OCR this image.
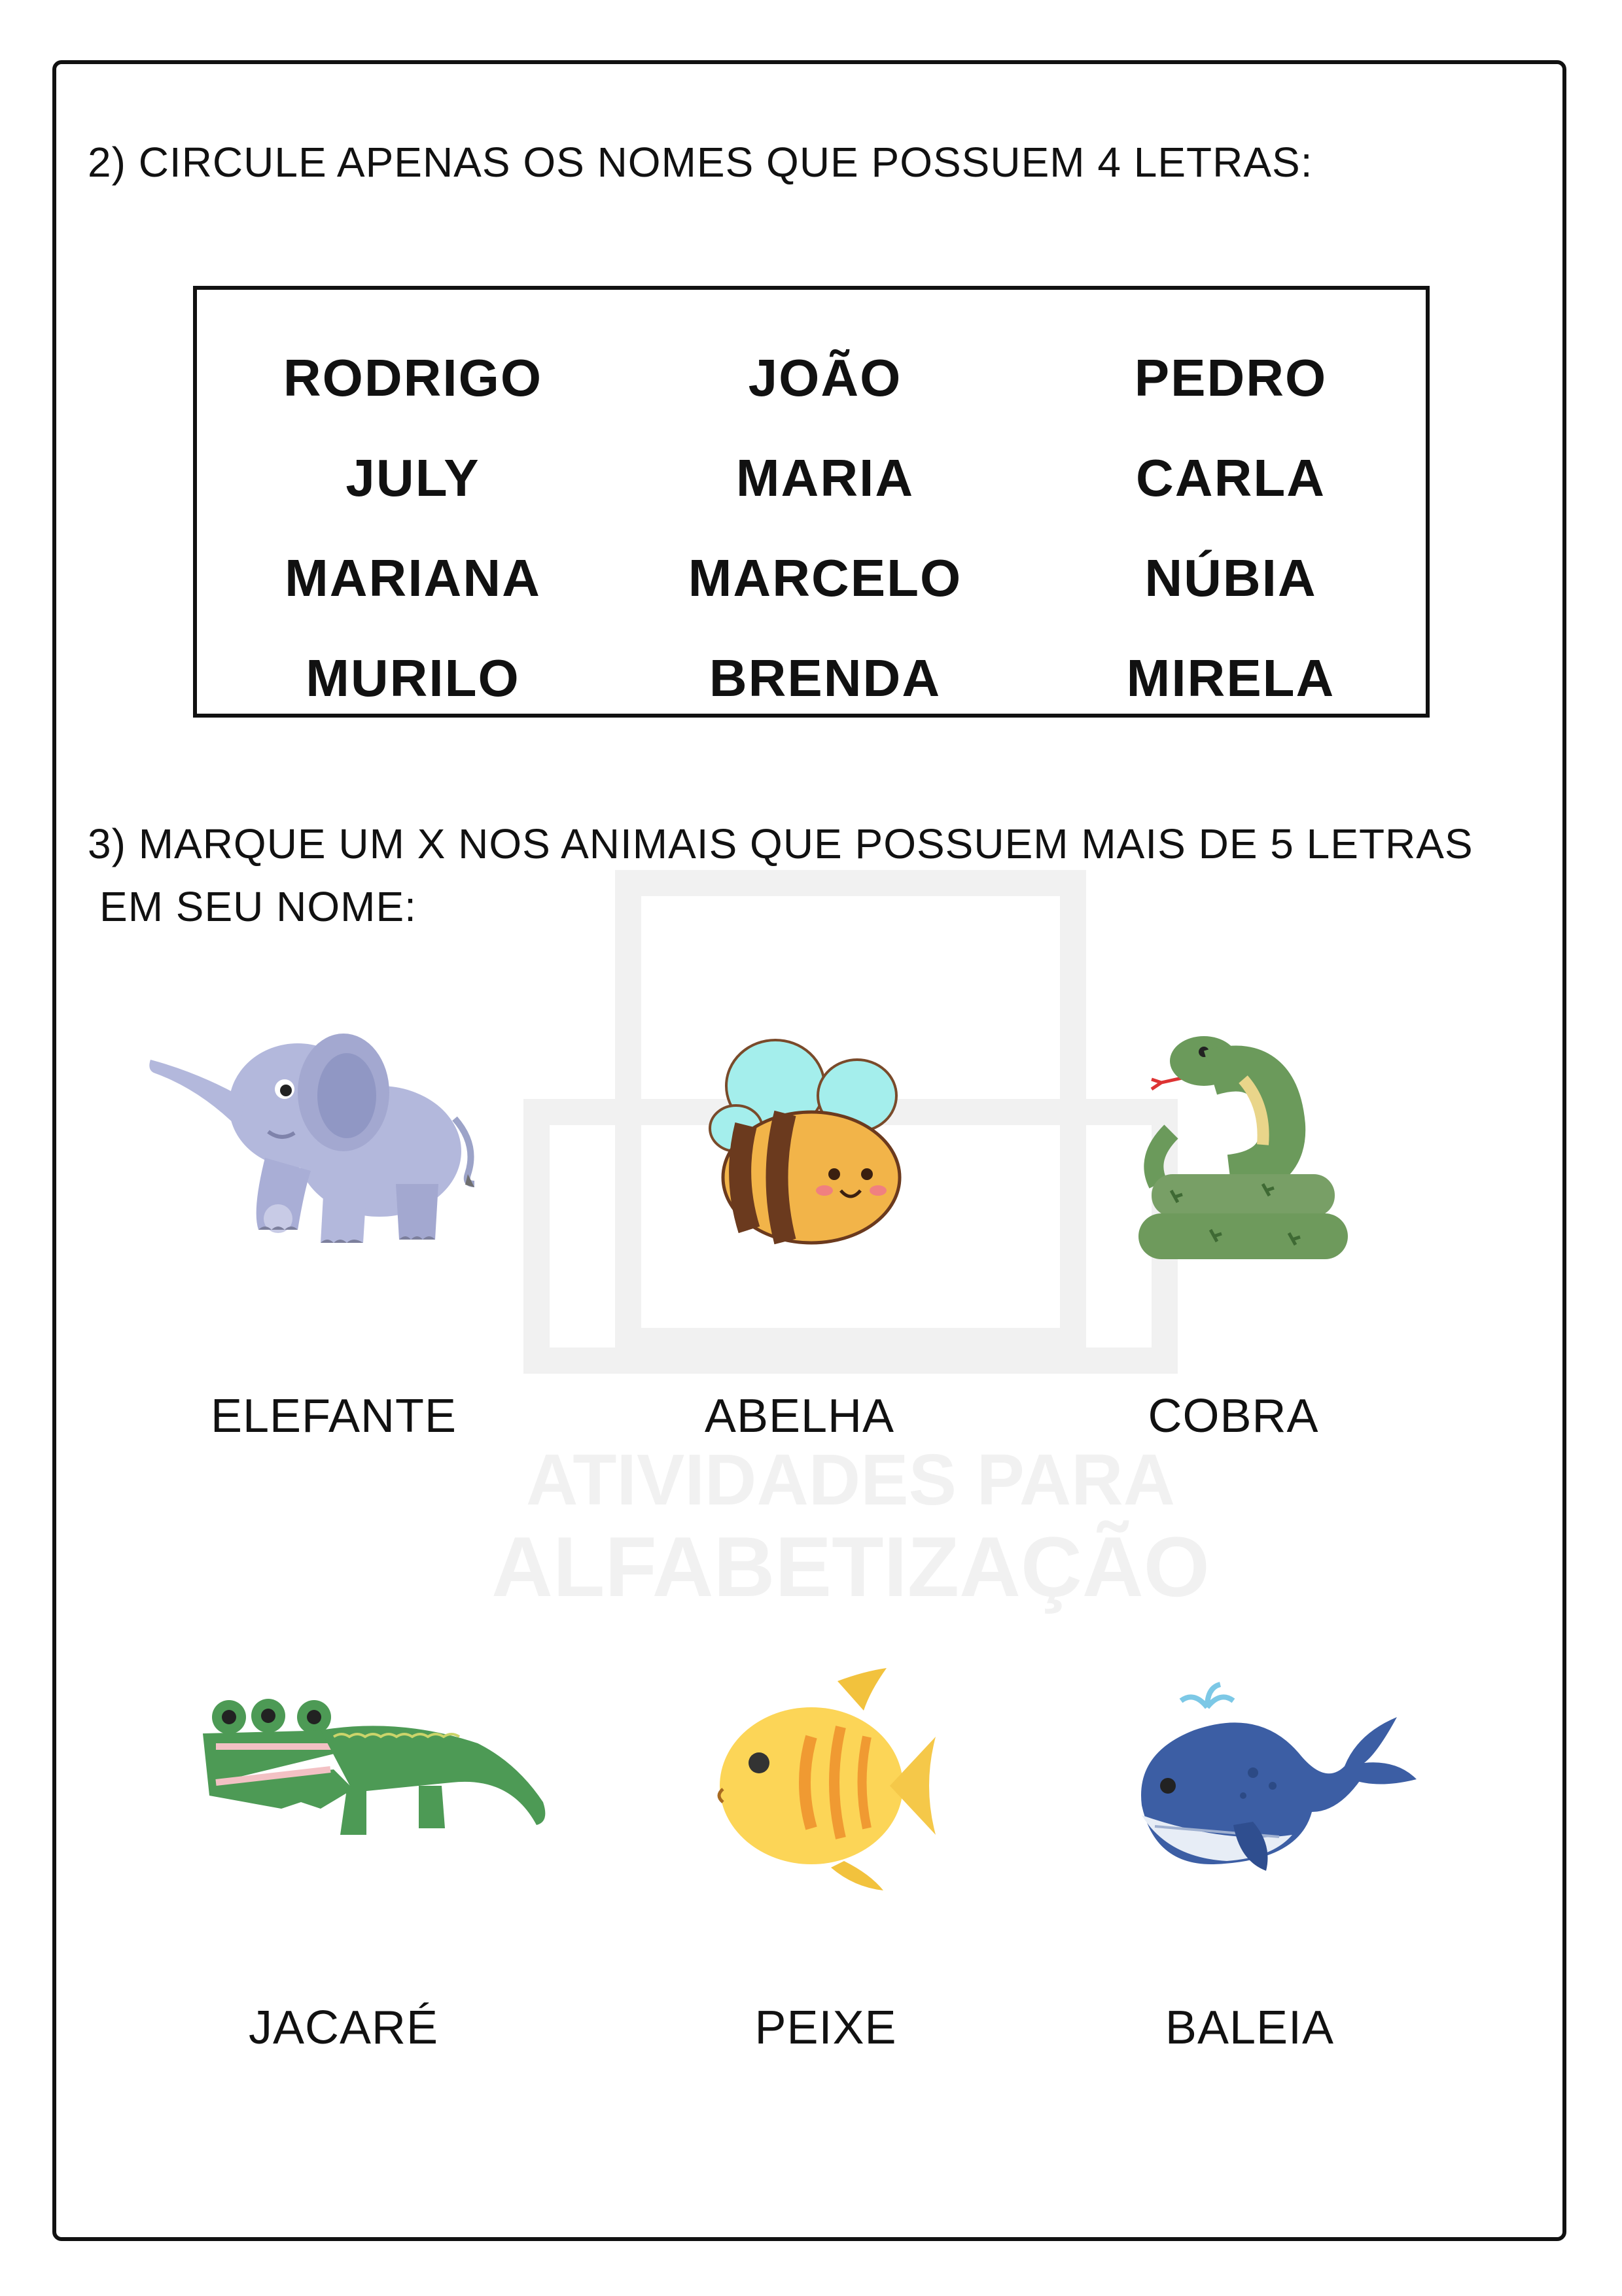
ATIVIDADES PARA
ALFABETIZAÇÃO
2) CIRCULE APENAS OS NOMES QUE POSSUEM 4 LETRAS:
RODRIGO	JOÃO	PEDRO
JULY	MARIA	CARLA
MARIANA	MARCELO	NÚBIA
MURILO	BRENDA	MIRELA
3) MARQUE UM X NOS ANIMAIS QUE POSSUEM MAIS DE 5 LETRAS
EM SEU NOME:
ELEFANTE	ABELHA	COBRA
JACARÉ	PEIXE	BALEIA
